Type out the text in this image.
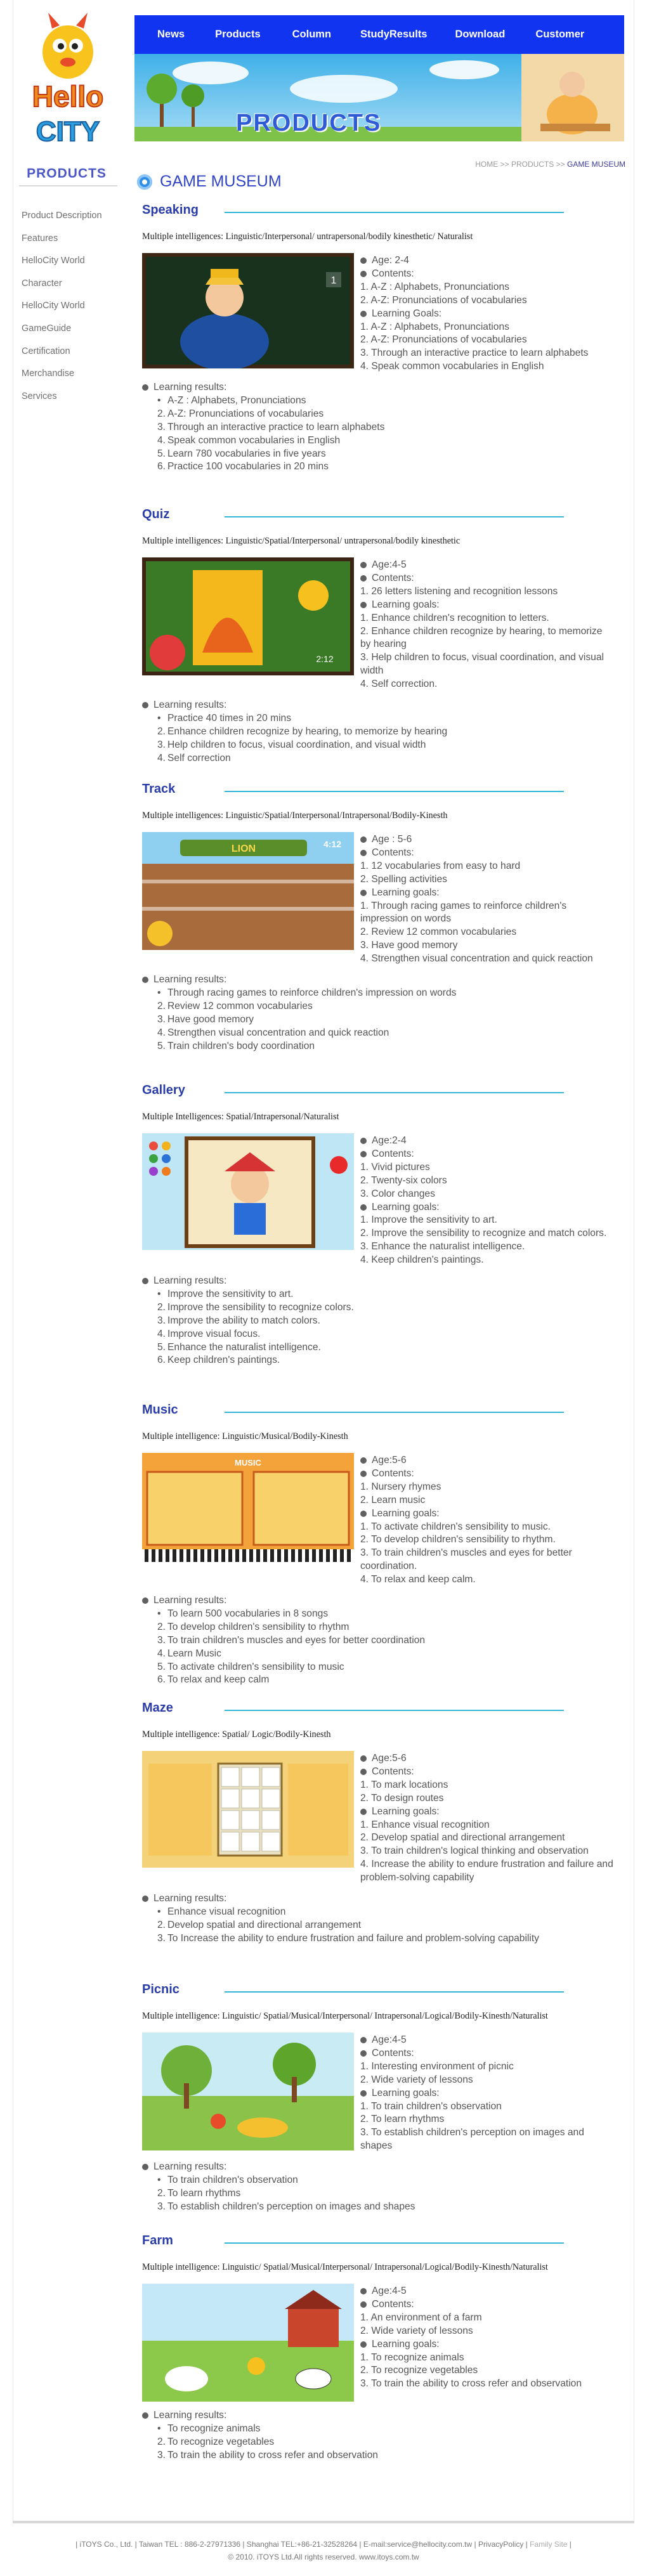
Hello
CITY
PRODUCTS
Product Description
Features
HelloCity World
Character
HelloCity World
GameGuide
Certification
Merchandise
Services
News	Products	Column	StudyResults	Download	Customer
PRODUCTS
HOME >> PRODUCTS >> GAME MUSEUM
GAME MUSEUM
Speaking
Multiple intelligences: Linguistic/Interpersonal/ untrapersonal/bodily kinesthetic/ Naturalist
1
Age: 2-4
Contents:
1. A-Z : Alphabets, Pronunciations
2. A-Z: Pronunciations of vocabularies
Learning Goals:
1. A-Z : Alphabets, Pronunciations
2. A-Z: Pronunciations of vocabularies
3. Through an interactive practice to learn alphabets
4. Speak common vocabularies in English
Learning results:
• A-Z : Alphabets, Pronunciations
2. A-Z: Pronunciations of vocabularies
3. Through an interactive practice to learn alphabets
4. Speak common vocabularies in English
5. Learn 780 vocabularies in five years
6. Practice 100 vocabularies in 20 mins
Quiz
Multiple intelligences: Linguistic/Spatial/Interpersonal/ untrapersonal/bodily kinesthetic
2:12
Age:4-5
Contents:
1. 26 letters listening and recognition lessons
Learning goals:
1. Enhance children's recognition to letters.
2. Enhance children recognize by hearing, to memorize by hearing
3. Help children to focus, visual coordination, and visual width
4. Self correction.
Learning results:
• Practice 40 times in 20 mins
2. Enhance children recognize by hearing, to memorize by hearing
3. Help children to focus, visual coordination, and visual width
4. Self correction
Track
Multiple intelligences: Linguistic/Spatial/Interpersonal/Intrapersonal/Bodily-Kinesth
LION	4:12	Age : 5-6
Contents:
1. 12 vocabularies from easy to hard
2. Spelling activities
Learning goals:
1. Through racing games to reinforce children's impression on words
2. Review 12 common vocabularies
3. Have good memory
4. Strengthen visual concentration and quick reaction
Learning results:
• Through racing games to reinforce children's impression on words
2. Review 12 common vocabularies
3. Have good memory
4. Strengthen visual concentration and quick reaction
5. Train children's body coordination
Gallery
Multiple Intelligences: Spatial/Intrapersonal/Naturalist
Age:2-4
Contents:
1. Vivid pictures
2. Twenty-six colors
3. Color changes
Learning goals:
1. Improve the sensitivity to art.
2. Improve the sensibility to recognize and match colors.
3. Enhance the naturalist intelligence.
4. Keep children's paintings.
Learning results:
• Improve the sensitivity to art.
2. Improve the sensibility to recognize colors.
3. Improve the ability to match colors.
4. Improve visual focus.
5. Enhance the naturalist intelligence.
6. Keep children's paintings.
Music
Multiple intelligence: Linguistic/Musical/Bodily-Kinesth
MUSIC	Age:5-6
Contents:
1. Nursery rhymes
2. Learn music
Learning goals:
1. To activate children's sensibility to music.
2. To develop children's sensibility to rhythm.
3. To train children's muscles and eyes for better coordination.
4. To relax and keep calm.
Learning results:
• To learn 500 vocabularies in 8 songs
2. To develop children's sensibility to rhythm
3. To train children's muscles and eyes for better coordination
4. Learn Music
5. To activate children's sensibility to music
6. To relax and keep calm
Maze
Multiple intelligence: Spatial/ Logic/Bodily-Kinesth
Age:5-6
Contents:
1. To mark locations
2. To design routes
Learning goals:
1. Enhance visual recognition
2. Develop spatial and directional arrangement
3. To train children's logical thinking and observation
4. Increase the ability to endure frustration and failure and problem-solving capability
Learning results:
• Enhance visual recognition
2. Develop spatial and directional arrangement
3. To Increase the ability to endure frustration and failure and problem-solving capability
Picnic
Multiple intelligence: Linguistic/ Spatial/Musical/Interpersonal/ Intrapersonal/Logical/Bodily-Kinesth/Naturalist
Age:4-5
Contents:
1. Interesting environment of picnic
2. Wide variety of lessons
Learning goals:
1. To train children's observation
2. To learn rhythms
3. To establish children's perception on images and shapes
Learning results:
• To train children's observation
2. To learn rhythms
3. To establish children's perception on images and shapes
Farm
Multiple intelligence: Linguistic/ Spatial/Musical/Interpersonal/ Intrapersonal/Logical/Bodily-Kinesth/Naturalist
Age:4-5
Contents:
1. An environment of a farm
2. Wide variety of lessons
Learning goals:
1. To recognize animals
2. To recognize vegetables
3. To train the ability to cross refer and observation
Learning results:
• To recognize animals
2. To recognize vegetables
3. To train the ability to cross refer and observation
| iTOYS Co., Ltd. | Taiwan TEL : 886-2-27971336 | Shanghai TEL:+86-21-32528264 | E-mail:service@hellocity.com.tw | PrivacyPolicy | Family Site |
© 2010. iTOYS Ltd.All rights reserved. www.itoys.com.tw
